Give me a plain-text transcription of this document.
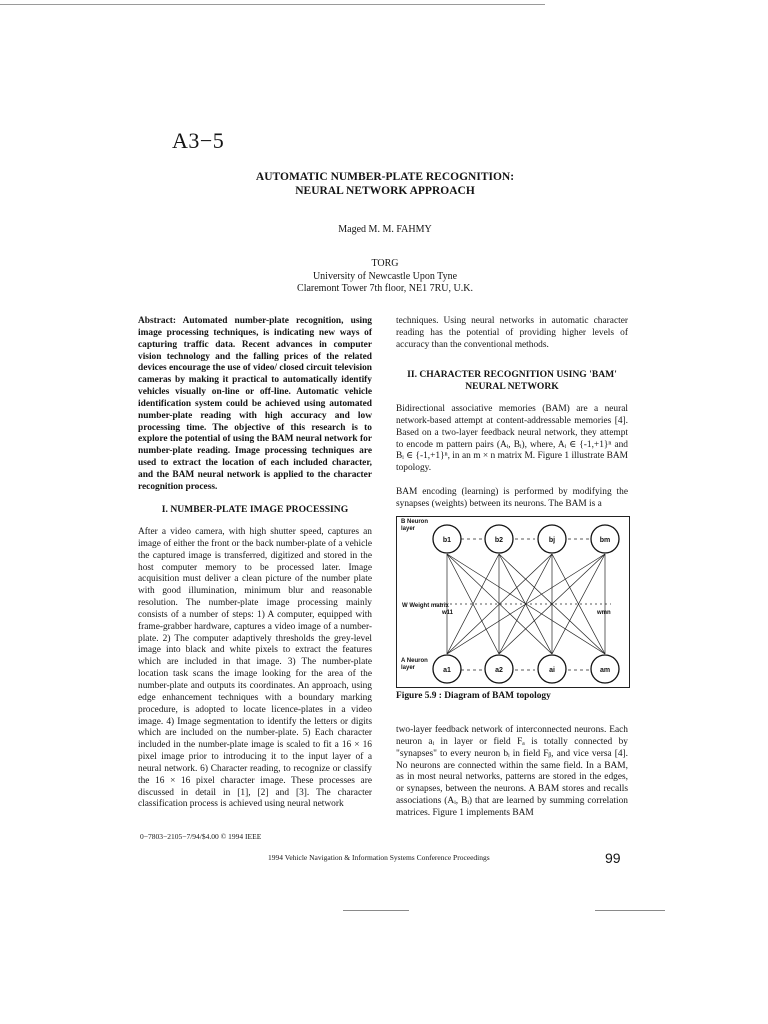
A3−5
AUTOMATIC NUMBER-PLATE RECOGNITION:
NEURAL NETWORK APPROACH
Maged M. M. FAHMY
TORG
University of Newcastle Upon Tyne
Claremont Tower 7th floor, NE1 7RU, U.K.
Abstract: Automated number-plate recognition, using image processing techniques, is indicating new ways of capturing traffic data. Recent advances in computer vision technology and the falling prices of the related devices encourage the use of video/ closed circuit television cameras by making it practical to automatically identify vehicles visually on-line or off-line. Automatic vehicle identification system could be achieved using automated number-plate reading with high accuracy and low processing time. The objective of this research is to explore the potential of using the BAM neural network for number-plate reading. Image processing techniques are used to extract the location of each included character, and the BAM neural network is applied to the character recognition process.
I. NUMBER-PLATE IMAGE PROCESSING
After a video camera, with high shutter speed, captures an image of either the front or the back number-plate of a vehicle the captured image is transferred, digitized and stored in the host computer memory to be processed later. Image acquisition must deliver a clean picture of the number plate with good illumination, minimum blur and reasonable resolution. The number-plate image processing mainly consists of a number of steps: 1) A computer, equipped with frame-grabber hardware, captures a video image of a number-plate. 2) The computer adaptively thresholds the grey-level image into black and white pixels to extract the features which are included in that image. 3) The number-plate location task scans the image looking for the area of the number-plate and outputs its coordinates. An approach, using edge enhancement techniques with a boundary marking procedure, is adopted to locate licence-plates in a video image. 4) Image segmentation to identify the letters or digits which are included on the number-plate. 5) Each character included in the number-plate image is scaled to fit a 16 × 16 pixel image prior to introducing it to the input layer of a neural network. 6) Character reading, to recognize or classify the 16 × 16 pixel character image. These processes are discussed in detail in [1], [2] and [3]. The character classification process is achieved using neural network
techniques. Using neural networks in automatic character reading has the potential of providing higher levels of accuracy than the conventional methods.
II. CHARACTER RECOGNITION USING 'BAM'
NEURAL NETWORK
Bidirectional associative memories (BAM) are a neural network-based attempt at content-addressable memories [4]. Based on a two-layer feedback neural network, they attempt to encode m pattern pairs (Aᵢ, Bᵢ), where, Aᵢ ∈ {-1,+1}ⁿ and Bᵢ ∈ {-1,+1}ⁿ, in an m × n matrix M. Figure 1 illustrate BAM topology.
BAM encoding (learning) is performed by modifying the synapses (weights) between its neurons. The BAM is a
b1	b2	bj	bm
a1	a2	ai	am
W Weight matrix
w11	wmn
B Neuron layer
A Neuron layer
Figure 5.9 : Diagram of BAM topology
two-layer feedback network of interconnected neurons. Each neuron aᵢ in layer or field Fₐ is totally connected by "synapses" to every neuron bᵢ in field Fᵦ, and vice versa [4]. No neurons are connected within the same field. In a BAM, as in most neural networks, patterns are stored in the edges, or synapses, between the neurons. A BAM stores and recalls associations (Aᵢ, Bᵢ) that are learned by summing correlation matrices. Figure 1 implements BAM
0−7803−2105−7/94/$4.00 © 1994 IEEE
1994 Vehicle Navigation & Information Systems Conference Proceedings	99
